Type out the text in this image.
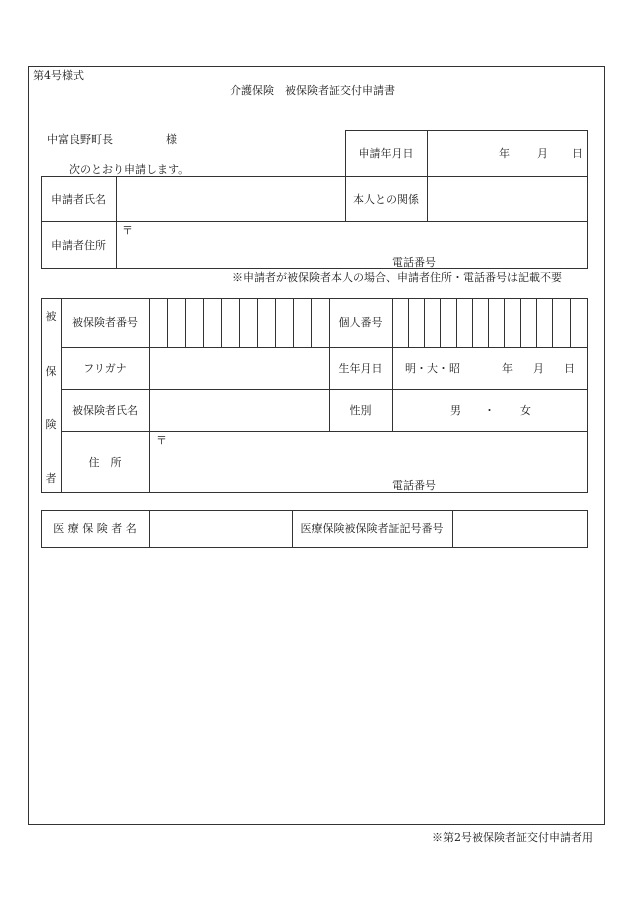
第4号様式
介護保険　被保険者証交付申請書
中富良野町長	様
次のとおり申請します。
申請年月日	年 月 日
申請者氏名	本人との関係
申請者住所
〒
電話番号
※申請者が被保険者本人の場合、申請者住所・電話番号は記載不要
被
保
険
者
被保険者番号	個人番号
フリガナ	生年月日	明・大・昭	年 月 日
被保険者氏名	性別	男 ・ 女
住　所
〒
電話番号
医 療 保 険 者 名	医療保険被保険者証記号番号
※第2号被保険者証交付申請者用
